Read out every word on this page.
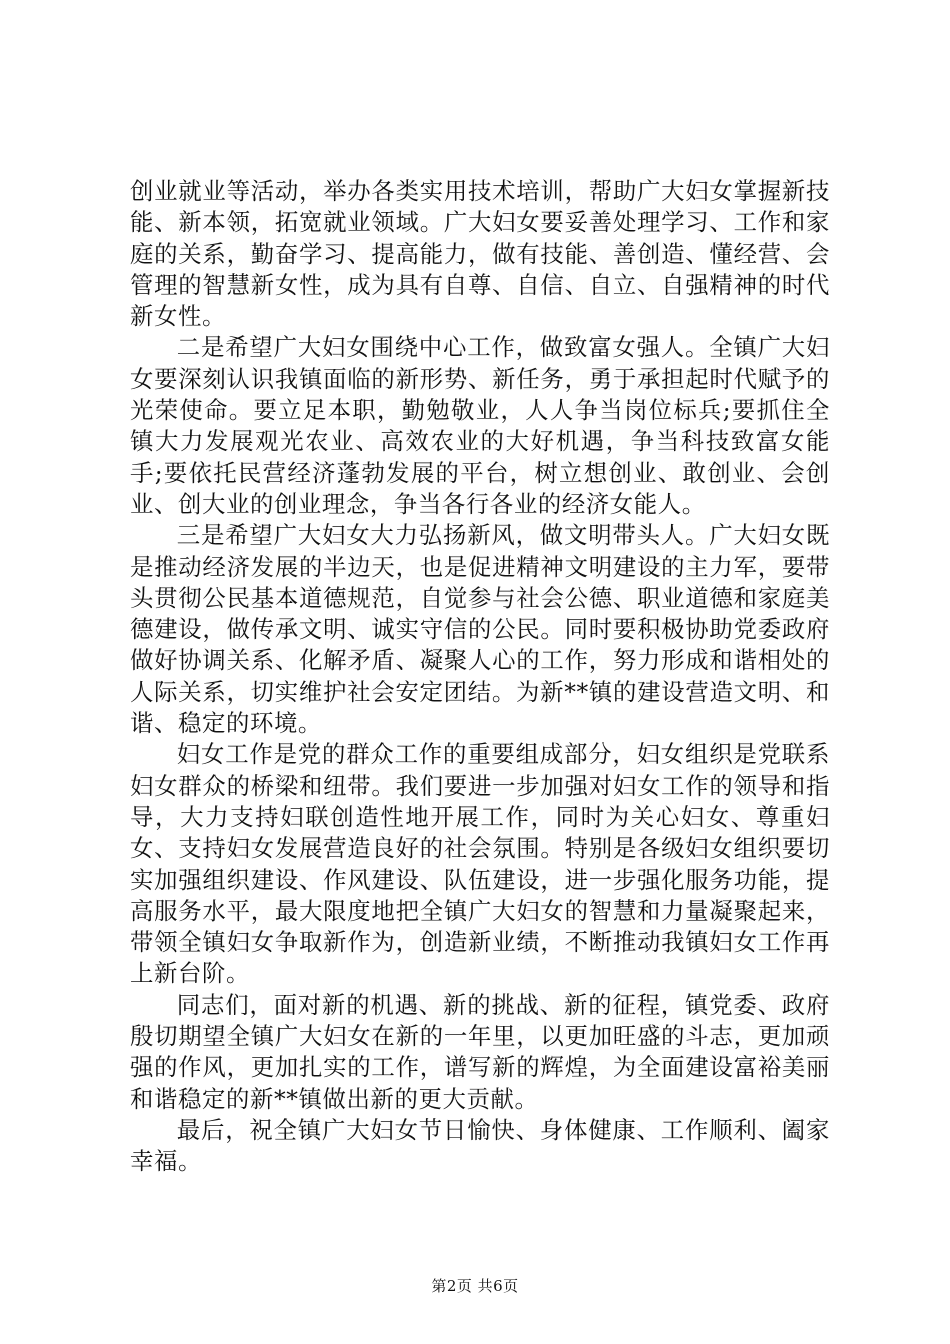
创业就业等活动，举办各类实用技术培训，帮助广大妇女掌握新技能、新本领，拓宽就业领域。广大妇女要妥善处理学习、工作和家庭的关系，勤奋学习、提高能力，做有技能、善创造、懂经营、会管理的智慧新女性，成为具有自尊、自信、自立、自强精神的时代新女性。

二是希望广大妇女围绕中心工作，做致富女强人。全镇广大妇女要深刻认识我镇面临的新形势、新任务，勇于承担起时代赋予的光荣使命。要立足本职，勤勉敬业，人人争当岗位标兵;要抓住全镇大力发展观光农业、高效农业的大好机遇，争当科技致富女能手;要依托民营经济蓬勃发展的平台，树立想创业、敢创业、会创业、创大业的创业理念，争当各行各业的经济女能人。

三是希望广大妇女大力弘扬新风，做文明带头人。广大妇女既是推动经济发展的半边天，也是促进精神文明建设的主力军，要带头贯彻公民基本道德规范，自觉参与社会公德、职业道德和家庭美德建设，做传承文明、诚实守信的公民。同时要积极协助党委政府做好协调关系、化解矛盾、凝聚人心的工作，努力形成和谐相处的人际关系，切实维护社会安定团结。为新**镇的建设营造文明、和谐、稳定的环境。

妇女工作是党的群众工作的重要组成部分，妇女组织是党联系妇女群众的桥梁和纽带。我们要进一步加强对妇女工作的领导和指导，大力支持妇联创造性地开展工作，同时为关心妇女、尊重妇女、支持妇女发展营造良好的社会氛围。特别是各级妇女组织要切实加强组织建设、作风建设、队伍建设，进一步强化服务功能，提高服务水平，最大限度地把全镇广大妇女的智慧和力量凝聚起来，带领全镇妇女争取新作为，创造新业绩，不断推动我镇妇女工作再上新台阶。

同志们，面对新的机遇、新的挑战、新的征程，镇党委、政府殷切期望全镇广大妇女在新的一年里，以更加旺盛的斗志，更加顽强的作风，更加扎实的工作，谱写新的辉煌，为全面建设富裕美丽和谐稳定的新**镇做出新的更大贡献。

最后，祝全镇广大妇女节日愉快、身体健康、工作顺利、阖家幸福。

第2页 共6页
